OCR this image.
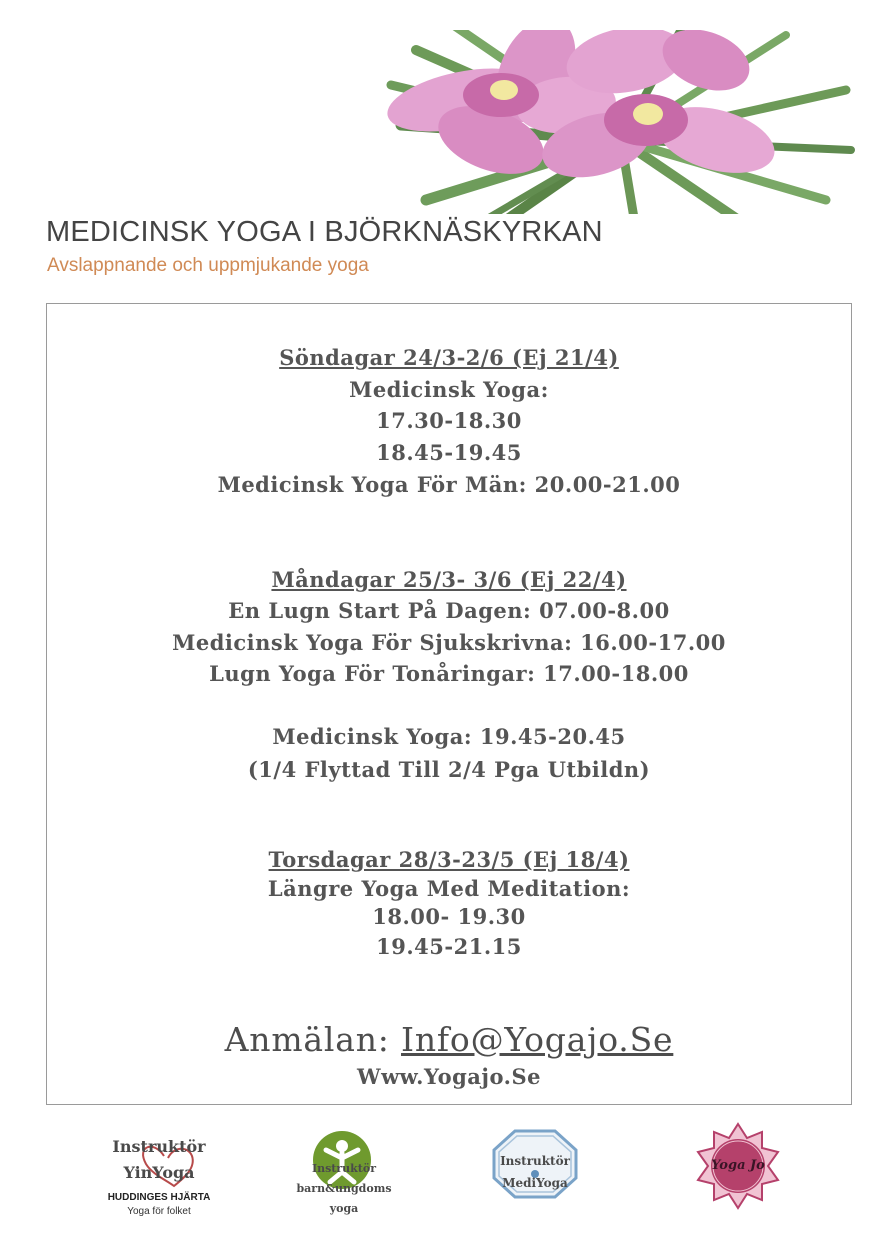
MEDICINSK YOGA I BJÖRKNÄSKYRKAN
Avslappnande och uppmjukande yoga
Söndagar 24/3-2/6 (Ej 21/4)
Medicinsk Yoga:
17.30-18.30
18.45-19.45
Medicinsk Yoga För Män: 20.00-21.00
Måndagar 25/3- 3/6 (Ej 22/4)
En Lugn Start På Dagen: 07.00-8.00
Medicinsk Yoga För Sjukskrivna: 16.00-17.00
Lugn Yoga För Tonåringar: 17.00-18.00
Medicinsk Yoga: 19.45-20.45
(1/4 Flyttad Till 2/4 Pga Utbildn)
Torsdagar 28/3-23/5 (Ej 18/4)
Längre Yoga Med Meditation:
18.00- 19.30
19.45-21.15
Anmälan: Info@Yogajo.Se
Www.Yogajo.Se
Instruktör
YinYoga
HUDDINGES HJÄRTA
Yoga för folket
Instruktör
barn&ungdoms
yoga
Instruktör
MediYoga
Yoga Jo
